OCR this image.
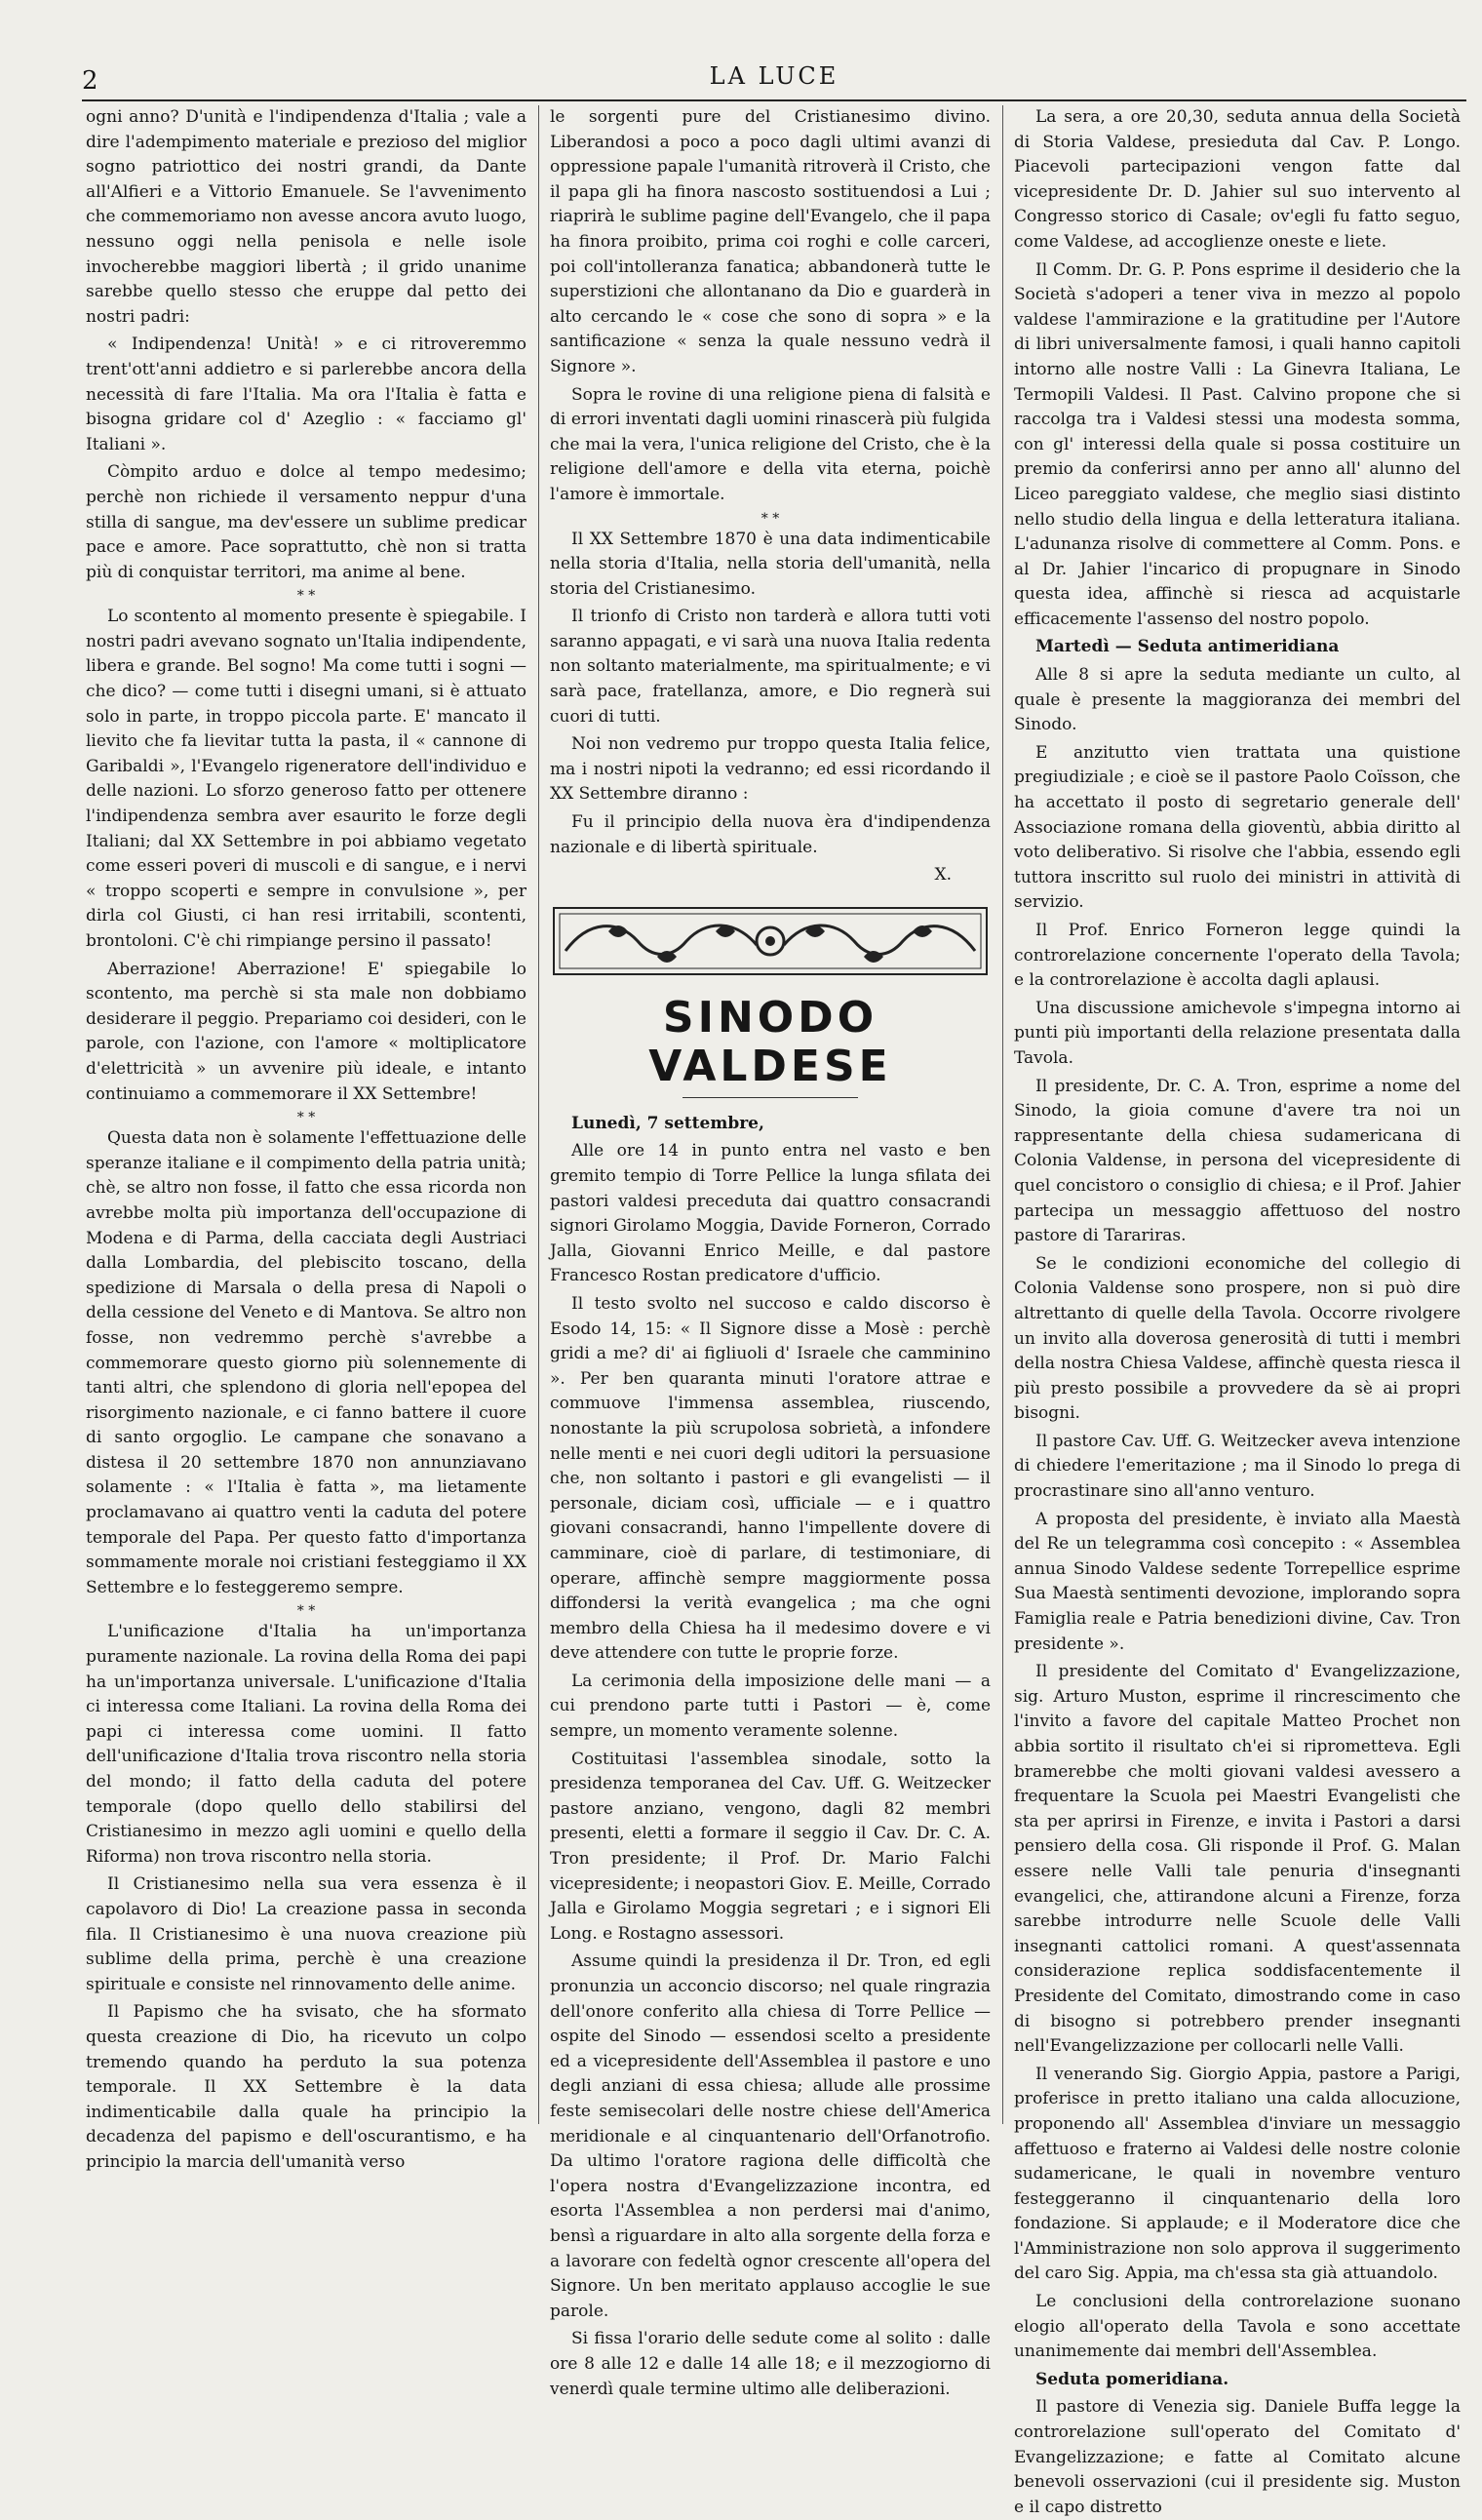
2	LA LUCE

ogni anno? D'unità e l'indipendenza d'Italia ; vale a dire l'adempimento materiale e prezioso del miglior sogno patriottico dei nostri grandi, da Dante all'Alfieri e a Vittorio Emanuele. Se l'avvenimento che commemoriamo non avesse ancora avuto luogo, nessuno oggi nella penisola e nelle isole invocherebbe maggiori libertà ; il grido unanime sarebbe quello stesso che eruppe dal petto dei nostri padri:

« Indipendenza! Unità! » e ci ritroveremmo trent'ott'anni addietro e si parlerebbe ancora della necessità di fare l'Italia. Ma ora l'Italia è fatta e bisogna gridare col d' Azeglio : « facciamo gl' Italiani ».

Còmpito arduo e dolce al tempo medesimo; perchè non richiede il versamento neppur d'una stilla di sangue, ma dev'essere un sublime predicar pace e amore. Pace soprattutto, chè non si tratta più di conquistar territori, ma anime al bene.

* *

Lo scontento al momento presente è spiegabile. I nostri padri avevano sognato un'Italia indipendente, libera e grande. Bel sogno! Ma come tutti i sogni — che dico? — come tutti i disegni umani, si è attuato solo in parte, in troppo piccola parte. E' mancato il lievito che fa lievitar tutta la pasta, il « cannone di Garibaldi », l'Evangelo rigeneratore dell'individuo e delle nazioni. Lo sforzo generoso fatto per ottenere l'indipendenza sembra aver esaurito le forze degli Italiani; dal XX Settembre in poi abbiamo vegetato come esseri poveri di muscoli e di sangue, e i nervi « troppo scoperti e sempre in convulsione », per dirla col Giusti, ci han resi irritabili, scontenti, brontoloni. C'è chi rimpiange persino il passato!

Aberrazione! Aberrazione! E' spiegabile lo scontento, ma perchè si sta male non dobbiamo desiderare il peggio. Prepariamo coi desideri, con le parole, con l'azione, con l'amore « moltiplicatore d'elettricità » un avvenire più ideale, e intanto continuiamo a commemorare il XX Settembre!

* *

Questa data non è solamente l'effettuazione delle speranze italiane e il compimento della patria unità; chè, se altro non fosse, il fatto che essa ricorda non avrebbe molta più importanza dell'occupazione di Modena e di Parma, della cacciata degli Austriaci dalla Lombardia, del plebiscito toscano, della spedizione di Marsala o della presa di Napoli o della cessione del Veneto e di Mantova. Se altro non fosse, non vedremmo perchè s'avrebbe a commemorare questo giorno più solennemente di tanti altri, che splendono di gloria nell'epopea del risorgimento nazionale, e ci fanno battere il cuore di santo orgoglio. Le campane che sonavano a distesa il 20 settembre 1870 non annunziavano solamente : « l'Italia è fatta », ma lietamente proclamavano ai quattro venti la caduta del potere temporale del Papa. Per questo fatto d'importanza sommamente morale noi cristiani festeggiamo il XX Settembre e lo festeggeremo sempre.

* *

L'unificazione d'Italia ha un'importanza puramente nazionale. La rovina della Roma dei papi ha un'importanza universale. L'unificazione d'Italia ci interessa come Italiani. La rovina della Roma dei papi ci interessa come uomini. Il fatto dell'unificazione d'Italia trova riscontro nella storia del mondo; il fatto della caduta del potere temporale (dopo quello dello stabilirsi del Cristianesimo in mezzo agli uomini e quello della Riforma) non trova riscontro nella storia.

Il Cristianesimo nella sua vera essenza è il capolavoro di Dio! La creazione passa in seconda fila. Il Cristianesimo è una nuova creazione più sublime della prima, perchè è una creazione spirituale e consiste nel rinnovamento delle anime.

Il Papismo che ha svisato, che ha sformato questa creazione di Dio, ha ricevuto un colpo tremendo quando ha perduto la sua potenza temporale. Il XX Settembre è la data indimenticabile dalla quale ha principio la decadenza del papismo e dell'oscurantismo, e ha principio la marcia dell'umanità verso

le sorgenti pure del Cristianesimo divino. Liberandosi a poco a poco dagli ultimi avanzi di oppressione papale l'umanità ritroverà il Cristo, che il papa gli ha finora nascosto sostituendosi a Lui ; riaprirà le sublime pagine dell'Evangelo, che il papa ha finora proibito, prima coi roghi e colle carceri, poi coll'intolleranza fanatica; abbandonerà tutte le superstizioni che allontanano da Dio e guarderà in alto cercando le « cose che sono di sopra » e la santificazione « senza la quale nessuno vedrà il Signore ».

Sopra le rovine di una religione piena di falsità e di errori inventati dagli uomini rinascerà più fulgida che mai la vera, l'unica religione del Cristo, che è la religione dell'amore e della vita eterna, poichè l'amore è immortale.

* *

Il XX Settembre 1870 è una data indimenticabile nella storia d'Italia, nella storia dell'umanità, nella storia del Cristianesimo.

Il trionfo di Cristo non tarderà e allora tutti voti saranno appagati, e vi sarà una nuova Italia redenta non soltanto materialmente, ma spiritualmente; e vi sarà pace, fratellanza, amore, e Dio regnerà sui cuori di tutti.

Noi non vedremo pur troppo questa Italia felice, ma i nostri nipoti la vedranno; ed essi ricordando il XX Settembre diranno :

Fu il principio della nuova èra d'indipendenza nazionale e di libertà spirituale.

X.
SINODO VALDESE

Lunedì, 7 settembre,

Alle ore 14 in punto entra nel vasto e ben gremito tempio di Torre Pellice la lunga sfilata dei pastori valdesi preceduta dai quattro consacrandi signori Girolamo Moggia, Davide Forneron, Corrado Jalla, Giovanni Enrico Meille, e dal pastore Francesco Rostan predicatore d'ufficio.

Il testo svolto nel succoso e caldo discorso è Esodo 14, 15: « Il Signore disse a Mosè : perchè gridi a me? di' ai figliuoli d' Israele che camminino ». Per ben quaranta minuti l'oratore attrae e commuove l'immensa assemblea, riuscendo, nonostante la più scrupolosa sobrietà, a infondere nelle menti e nei cuori degli uditori la persuasione che, non soltanto i pastori e gli evangelisti — il personale, diciam così, ufficiale — e i quattro giovani consacrandi, hanno l'impellente dovere di camminare, cioè di parlare, di testimoniare, di operare, affinchè sempre maggiormente possa diffondersi la verità evangelica ; ma che ogni membro della Chiesa ha il medesimo dovere e vi deve attendere con tutte le proprie forze.

La cerimonia della imposizione delle mani — a cui prendono parte tutti i Pastori — è, come sempre, un momento veramente solenne.

Costituitasi l'assemblea sinodale, sotto la presidenza temporanea del Cav. Uff. G. Weitzecker pastore anziano, vengono, dagli 82 membri presenti, eletti a formare il seggio il Cav. Dr. C. A. Tron presidente; il Prof. Dr. Mario Falchi vicepresidente; i neopastori Giov. E. Meille, Corrado Jalla e Girolamo Moggia segretari ; e i signori Eli Long. e Rostagno assessori.

Assume quindi la presidenza il Dr. Tron, ed egli pronunzia un acconcio discorso; nel quale ringrazia dell'onore conferito alla chiesa di Torre Pellice — ospite del Sinodo — essendosi scelto a presidente ed a vicepresidente dell'Assemblea il pastore e uno degli anziani di essa chiesa; allude alle prossime feste semisecolari delle nostre chiese dell'America meridionale e al cinquantenario dell'Orfanotrofio. Da ultimo l'oratore ragiona delle difficoltà che l'opera nostra d'Evangelizzazione incontra, ed esorta l'Assemblea a non perdersi mai d'animo, bensì a riguardare in alto alla sorgente della forza e a lavorare con fedeltà ognor crescente all'opera del Signore. Un ben meritato applauso accoglie le sue parole.

Si fissa l'orario delle sedute come al solito : dalle ore 8 alle 12 e dalle 14 alle 18; e il mezzogiorno di venerdì quale termine ultimo alle deliberazioni.

La sera, a ore 20,30, seduta annua della Società di Storia Valdese, presieduta dal Cav. P. Longo. Piacevoli partecipazioni vengon fatte dal vicepresidente Dr. D. Jahier sul suo intervento al Congresso storico di Casale; ov'egli fu fatto seguo, come Valdese, ad accoglienze oneste e liete.

Il Comm. Dr. G. P. Pons esprime il desiderio che la Società s'adoperi a tener viva in mezzo al popolo valdese l'ammirazione e la gratitudine per l'Autore di libri universalmente famosi, i quali hanno capitoli intorno alle nostre Valli : La Ginevra Italiana, Le Termopili Valdesi. Il Past. Calvino propone che si raccolga tra i Valdesi stessi una modesta somma, con gl' interessi della quale si possa costituire un premio da conferirsi anno per anno all' alunno del Liceo pareggiato valdese, che meglio siasi distinto nello studio della lingua e della letteratura italiana. L'adunanza risolve di commettere al Comm. Pons. e al Dr. Jahier l'incarico di propugnare in Sinodo questa idea, affinchè si riesca ad acquistarle efficacemente l'assenso del nostro popolo.

Martedì — Seduta antimeridiana

Alle 8 si apre la seduta mediante un culto, al quale è presente la maggioranza dei membri del Sinodo.

E anzitutto vien trattata una quistione pregiudiziale ; e cioè se il pastore Paolo Coïsson, che ha accettato il posto di segretario generale dell' Associazione romana della gioventù, abbia diritto al voto deliberativo. Si risolve che l'abbia, essendo egli tuttora inscritto sul ruolo dei ministri in attività di servizio.

Il Prof. Enrico Forneron legge quindi la controrelazione concernente l'operato della Tavola; e la controrelazione è accolta dagli aplausi.

Una discussione amichevole s'impegna intorno ai punti più importanti della relazione presentata dalla Tavola.

Il presidente, Dr. C. A. Tron, esprime a nome del Sinodo, la gioia comune d'avere tra noi un rappresentante della chiesa sudamericana di Colonia Valdense, in persona del vicepresidente di quel concistoro o consiglio di chiesa; e il Prof. Jahier partecipa un messaggio affettuoso del nostro pastore di Tarariras.

Se le condizioni economiche del collegio di Colonia Valdense sono prospere, non si può dire altrettanto di quelle della Tavola. Occorre rivolgere un invito alla doverosa generosità di tutti i membri della nostra Chiesa Valdese, affinchè questa riesca il più presto possibile a provvedere da sè ai propri bisogni.

Il pastore Cav. Uff. G. Weitzecker aveva intenzione di chiedere l'emeritazione ; ma il Sinodo lo prega di procrastinare sino all'anno venturo.

A proposta del presidente, è inviato alla Maestà del Re un telegramma così concepito : « Assemblea annua Sinodo Valdese sedente Torrepellice esprime Sua Maestà sentimenti devozione, implorando sopra Famiglia reale e Patria benedizioni divine, Cav. Tron presidente ».

Il presidente del Comitato d' Evangelizzazione, sig. Arturo Muston, esprime il rincrescimento che l'invito a favore del capitale Matteo Prochet non abbia sortito il risultato ch'ei si riprometteva. Egli bramerebbe che molti giovani valdesi avessero a frequentare la Scuola pei Maestri Evangelisti che sta per aprirsi in Firenze, e invita i Pastori a darsi pensiero della cosa. Gli risponde il Prof. G. Malan essere nelle Valli tale penuria d'insegnanti evangelici, che, attirandone alcuni a Firenze, forza sarebbe introdurre nelle Scuole delle Valli insegnanti cattolici romani. A quest'assennata considerazione replica soddisfacentemente il Presidente del Comitato, dimostrando come in caso di bisogno si potrebbero prender insegnanti nell'Evangelizzazione per collocarli nelle Valli.

Il venerando Sig. Giorgio Appia, pastore a Parigi, proferisce in pretto italiano una calda allocuzione, proponendo all' Assemblea d'inviare un messaggio affettuoso e fraterno ai Valdesi delle nostre colonie sudamericane, le quali in novembre venturo festeggeranno il cinquantenario della loro fondazione. Si applaude; e il Moderatore dice che l'Amministrazione non solo approva il suggerimento del caro Sig. Appia, ma ch'essa sta già attuandolo.

Le conclusioni della controrelazione suonano elogio all'operato della Tavola e sono accettate unanimemente dai membri dell'Assemblea.

Seduta pomeridiana.

Il pastore di Venezia sig. Daniele Buffa legge la controrelazione sull'operato del Comitato d' Evangelizzazione; e fatte al Comitato alcune benevoli osservazioni (cui il presidente sig. Muston e il capo distretto
